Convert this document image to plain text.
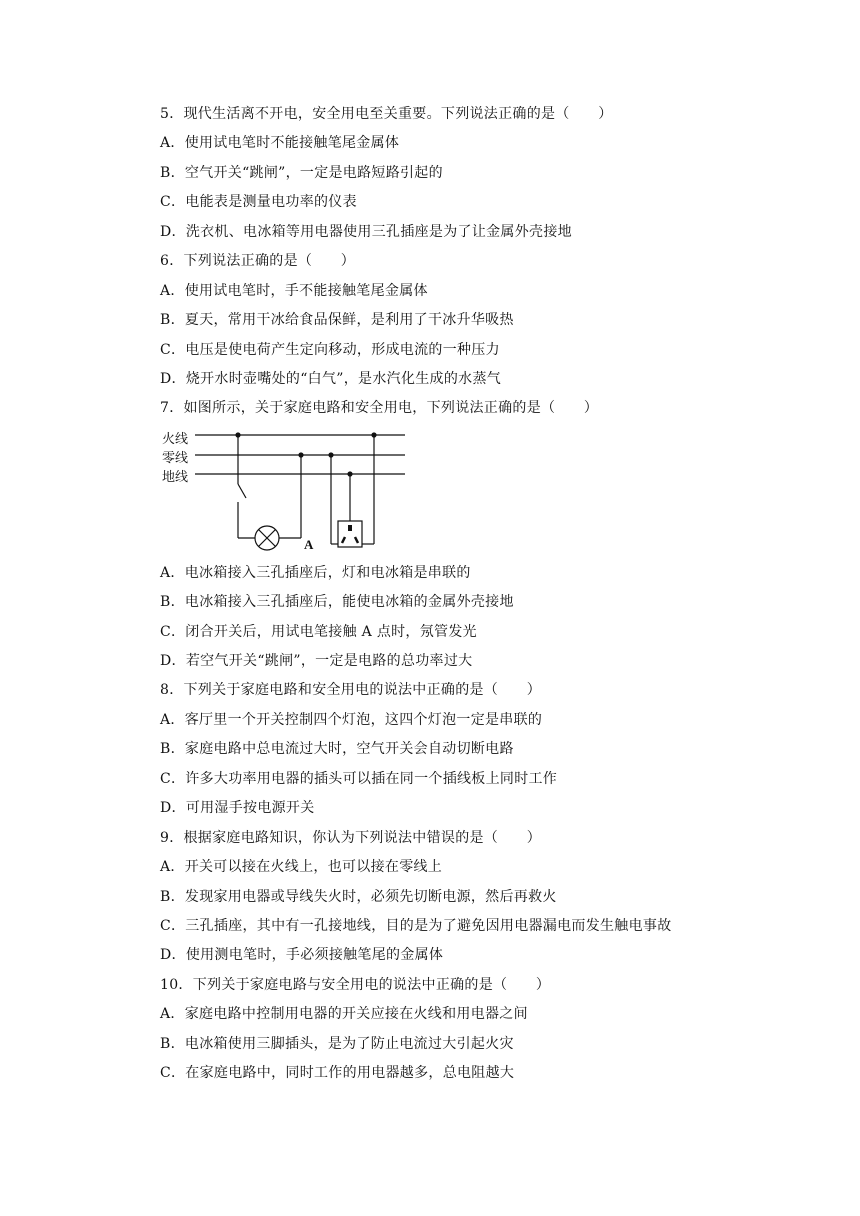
5．现代生活离不开电，安全用电至关重要。下列说法正确的是（　　）
A．使用试电笔时不能接触笔尾金属体
B．空气开关“跳闸”，一定是电路短路引起的
C．电能表是测量电功率的仪表
D．洗衣机、电冰箱等用电器使用三孔插座是为了让金属外壳接地
6．下列说法正确的是（　　）
A．使用试电笔时，手不能接触笔尾金属体
B．夏天，常用干冰给食品保鲜，是利用了干冰升华吸热
C．电压是使电荷产生定向移动，形成电流的一种压力
D．烧开水时壶嘴处的“白气”，是水汽化生成的水蒸气
7．如图所示，关于家庭电路和安全用电，下列说法正确的是（　　）
火线
零线
地线
A
A．电冰箱接入三孔插座后，灯和电冰箱是串联的
B．电冰箱接入三孔插座后，能使电冰箱的金属外壳接地
C．闭合开关后，用试电笔接触 A 点时，氖管发光
D．若空气开关“跳闸”，一定是电路的总功率过大
8．下列关于家庭电路和安全用电的说法中正确的是（　　）
A．客厅里一个开关控制四个灯泡，这四个灯泡一定是串联的
B．家庭电路中总电流过大时，空气开关会自动切断电路
C．许多大功率用电器的插头可以插在同一个插线板上同时工作
D．可用湿手按电源开关
9．根据家庭电路知识，你认为下列说法中错误的是（　　）
A．开关可以接在火线上，也可以接在零线上
B．发现家用电器或导线失火时，必须先切断电源，然后再救火
C．三孔插座，其中有一孔接地线，目的是为了避免因用电器漏电而发生触电事故
D．使用测电笔时，手必须接触笔尾的金属体
10．下列关于家庭电路与安全用电的说法中正确的是（　　）
A．家庭电路中控制用电器的开关应接在火线和用电器之间
B．电冰箱使用三脚插头，是为了防止电流过大引起火灾
C．在家庭电路中，同时工作的用电器越多，总电阻越大
